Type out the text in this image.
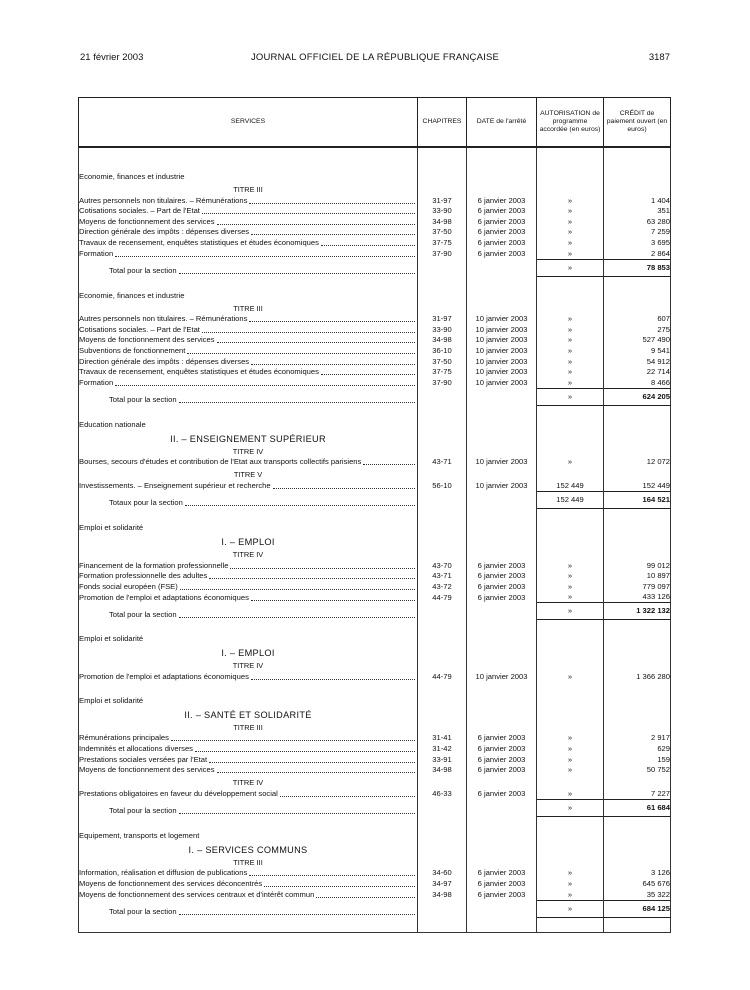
21 février 2003	JOURNAL OFFICIEL DE LA RÉPUBLIQUE FRANÇAISE	3187
SERVICES	CHAPITRES	DATE de l'arrêté	AUTORISATION de programme accordée (en euros)	CRÉDIT de paiement ouvert (en euros)

Economie, finances et industrie				
TITRE III				

Autres personnels non titulaires. – Rémunérations	31-97	6 janvier 2003	»	1 404

Cotisations sociales. – Part de l'Etat	33-90	6 janvier 2003	»	351

Moyens de fonctionnement des services	34-98	6 janvier 2003	»	63 280

Direction générale des impôts : dépenses diverses	37-50	6 janvier 2003	»	7 259

Travaux de recensement, enquêtes statistiques et études économiques	37-75	6 janvier 2003	»	3 695

Formation	37-90	6 janvier 2003	»	2 864

Total pour la section			»	78 853

Economie, finances et industrie				
TITRE III				

Autres personnels non titulaires. – Rémunérations	31-97	10 janvier 2003	»	607

Cotisations sociales. – Part de l'Etat	33-90	10 janvier 2003	»	275

Moyens de fonctionnement des services	34-98	10 janvier 2003	»	527 490

Subventions de fonctionnement	36-10	10 janvier 2003	»	9 541

Direction générale des impôts : dépenses diverses	37-50	10 janvier 2003	»	54 912

Travaux de recensement, enquêtes statistiques et études économiques	37-75	10 janvier 2003	»	22 714

Formation	37-90	10 janvier 2003	»	8 466

Total pour la section			»	624 205

Education nationale				
II. – ENSEIGNEMENT SUPÉRIEUR				
TITRE IV				

Bourses, secours d'études et contribution de l'Etat aux transports collectifs parisiens	43-71	10 janvier 2003	»	12 072
TITRE V				

Investissements. – Enseignement supérieur et recherche	56-10	10 janvier 2003	152 449	152 449

Totaux pour la section			152 449	164 521

Emploi et solidarité				
I. – EMPLOI				
TITRE IV				

Financement de la formation professionnelle	43-70	6 janvier 2003	»	99 012

Formation professionnelle des adultes	43-71	6 janvier 2003	»	10 897

Fonds social européen (FSE)	43-72	6 janvier 2003	»	779 097

Promotion de l'emploi et adaptations économiques	44-79	6 janvier 2003	»	433 126

Total pour la section			»	1 322 132

Emploi et solidarité				
I. – EMPLOI				
TITRE IV				

Promotion de l'emploi et adaptations économiques	44-79	10 janvier 2003	»	1 366 280

Emploi et solidarité				
II. – SANTÉ ET SOLIDARITÉ				
TITRE III				

Rémunérations principales	31-41	6 janvier 2003	»	2 917

Indemnités et allocations diverses	31-42	6 janvier 2003	»	629

Prestations sociales versées par l'Etat	33-91	6 janvier 2003	»	159

Moyens de fonctionnement des services	34-98	6 janvier 2003	»	50 752
TITRE IV				

Prestations obligatoires en faveur du développement social	46-33	6 janvier 2003	»	7 227

Total pour la section			»	61 684

Equipement, transports et logement				
I. – SERVICES COMMUNS				
TITRE III				

Information, réalisation et diffusion de publications	34-60	6 janvier 2003	»	3 126

Moyens de fonctionnement des services déconcentrés	34-97	6 janvier 2003	»	645 676

Moyens de fonctionnement des services centraux et d'intérêt commun	34-98	6 janvier 2003	»	35 322

Total pour la section			»	684 125
